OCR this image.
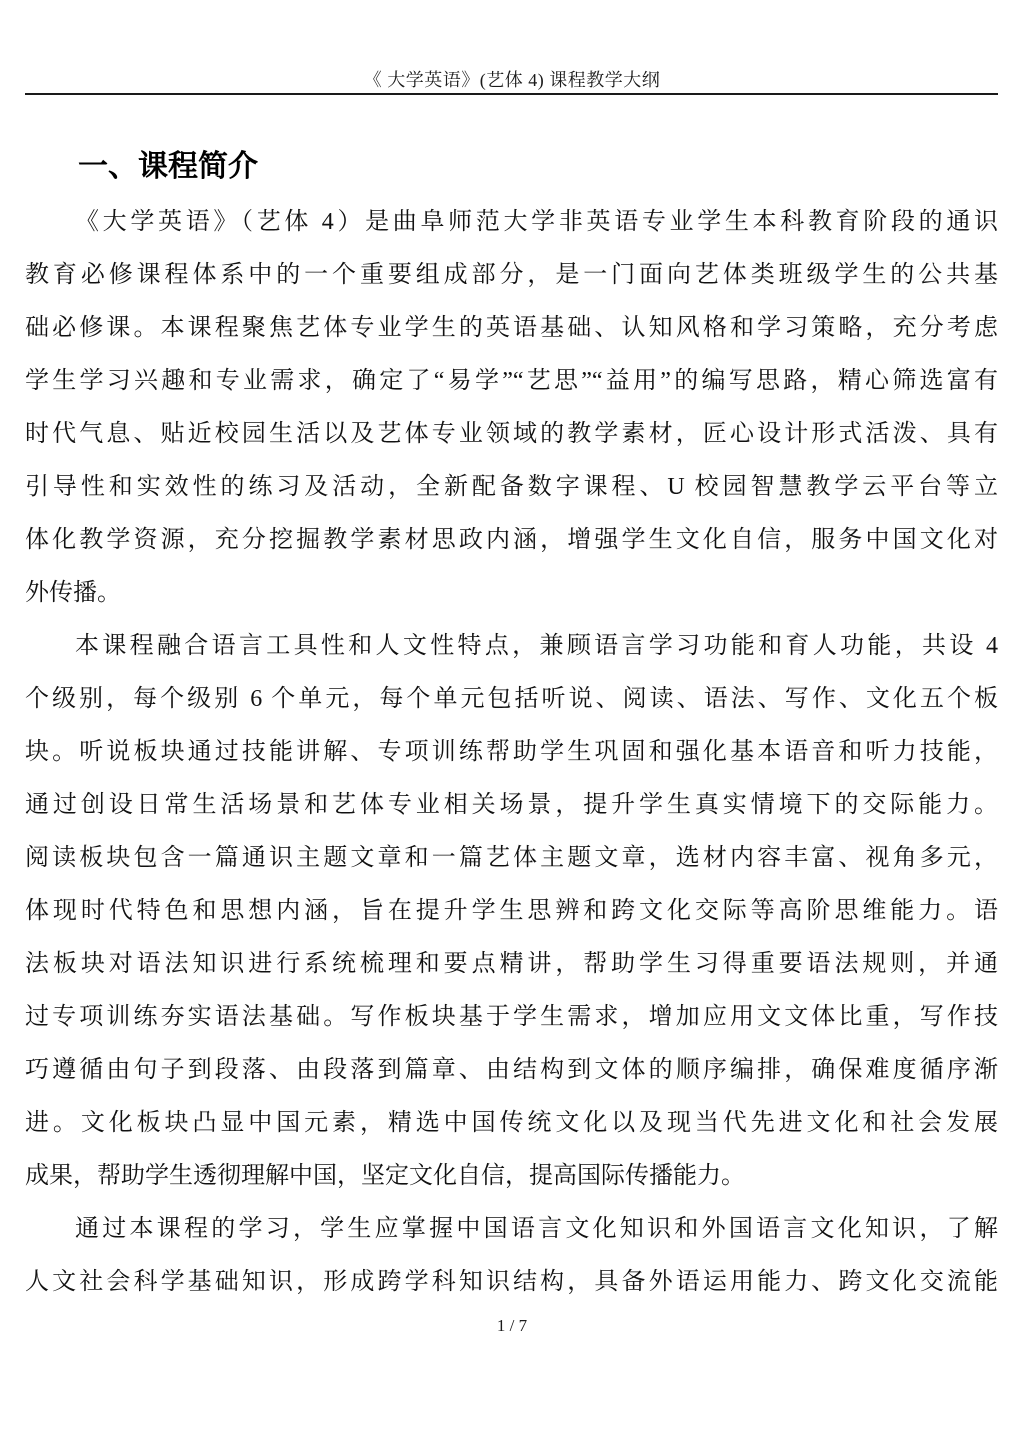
《 大学英语》(艺体 4) 课程教学大纲
一、课程简介
《大学英语》（艺体 4）是曲阜师范大学非英语专业学生本科教育阶段的通识
教育必修课程体系中的一个重要组成部分，是一门面向艺体类班级学生的公共基
础必修课。本课程聚焦艺体专业学生的英语基础、认知风格和学习策略，充分考虑
学生学习兴趣和专业需求，确定了“易学”“艺思”“益用”的编写思路，精心筛选富有
时代气息、贴近校园生活以及艺体专业领域的教学素材，匠心设计形式活泼、具有
引导性和实效性的练习及活动，全新配备数字课程、U 校园智慧教学云平台等立
体化教学资源，充分挖掘教学素材思政内涵，增强学生文化自信，服务中国文化对
外传播。
本课程融合语言工具性和人文性特点，兼顾语言学习功能和育人功能，共设 4
个级别，每个级别 6 个单元，每个单元包括听说、阅读、语法、写作、文化五个板
块。听说板块通过技能讲解、专项训练帮助学生巩固和强化基本语音和听力技能，
通过创设日常生活场景和艺体专业相关场景，提升学生真实情境下的交际能力。
阅读板块包含一篇通识主题文章和一篇艺体主题文章，选材内容丰富、视角多元，
体现时代特色和思想内涵，旨在提升学生思辨和跨文化交际等高阶思维能力。语
法板块对语法知识进行系统梳理和要点精讲，帮助学生习得重要语法规则，并通
过专项训练夯实语法基础。写作板块基于学生需求，增加应用文文体比重，写作技
巧遵循由句子到段落、由段落到篇章、由结构到文体的顺序编排，确保难度循序渐
进。文化板块凸显中国元素，精选中国传统文化以及现当代先进文化和社会发展
成果，帮助学生透彻理解中国，坚定文化自信，提高国际传播能力。
通过本课程的学习，学生应掌握中国语言文化知识和外国语言文化知识，了解
人文社会科学基础知识，形成跨学科知识结构，具备外语运用能力、跨文化交流能
1 / 7
